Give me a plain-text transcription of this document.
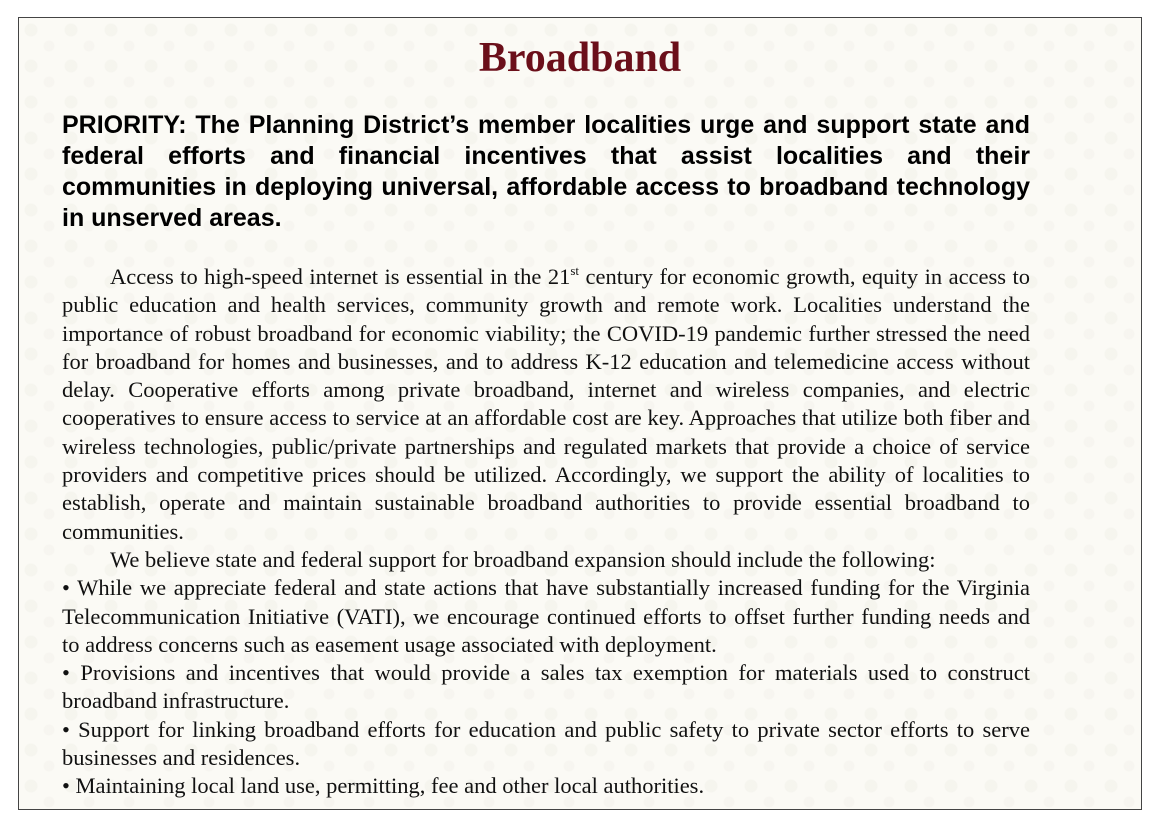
Broadband
PRIORITY: The Planning District’s member localities urge and support state and federal efforts and financial incentives that assist localities and their communities in deploying universal, affordable access to broadband technology in unserved areas.

Access to high-speed internet is essential in the 21st century for economic growth, equity in access to public education and health services, community growth and remote work. Localities understand the importance of robust broadband for economic viability; the COVID-19 pandemic further stressed the need for broadband for homes and businesses, and to address K-12 education and telemedicine access without delay. Cooperative efforts among private broadband, internet and wireless companies, and electric cooperatives to ensure access to service at an affordable cost are key. Approaches that utilize both fiber and wireless technologies, public/private partnerships and regulated markets that provide a choice of service providers and competitive prices should be utilized. Accordingly, we support the ability of localities to establish, operate and maintain sustainable broadband authorities to provide essential broadband to communities.

We believe state and federal support for broadband expansion should include the following:

• While we appreciate federal and state actions that have substantially increased funding for the Virginia Telecommunication Initiative (VATI), we encourage continued efforts to offset further funding needs and to address concerns such as easement usage associated with deployment.

• Provisions and incentives that would provide a sales tax exemption for materials used to construct broadband infrastructure.

• Support for linking broadband efforts for education and public safety to private sector efforts to serve businesses and residences.

• Maintaining local land use, permitting, fee and other local authorities.
